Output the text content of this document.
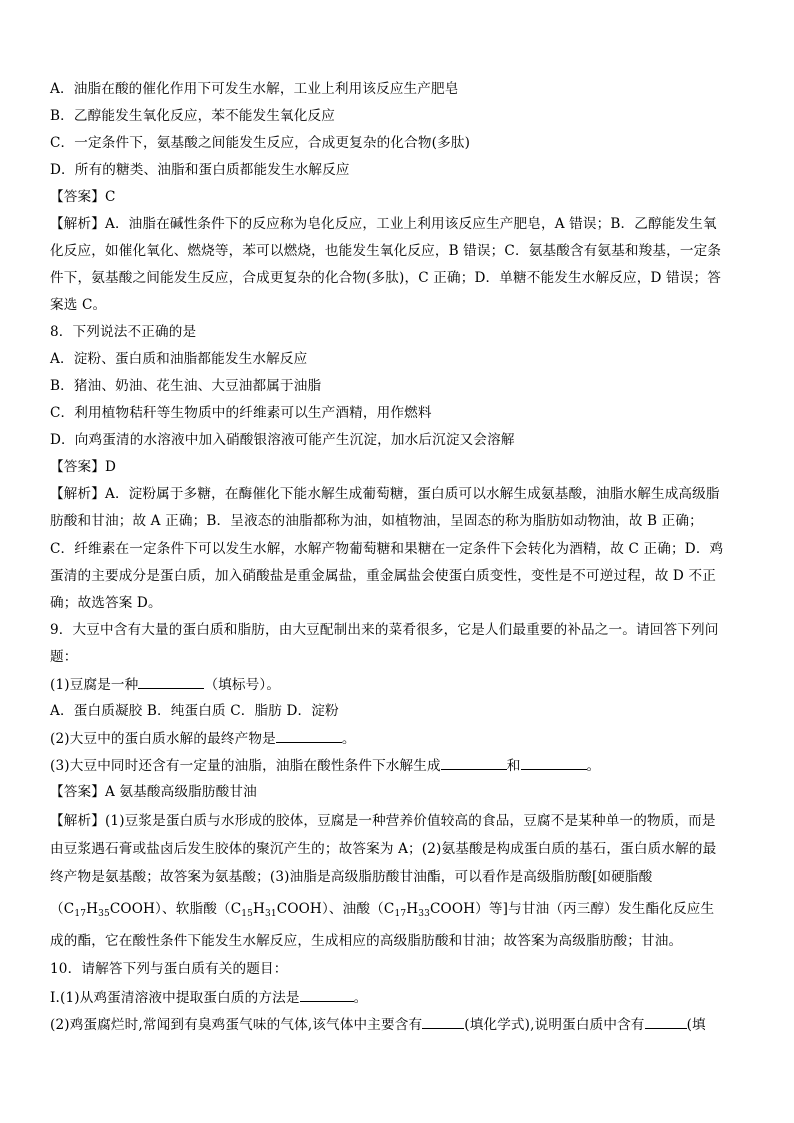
A．油脂在酸的催化作用下可发生水解，工业上利用该反应生产肥皂
B．乙醇能发生氧化反应，苯不能发生氧化反应
C．一定条件下，氨基酸之间能发生反应，合成更复杂的化合物(多肽)
D．所有的糖类、油脂和蛋白质都能发生水解反应
【答案】C
【解析】A．油脂在碱性条件下的反应称为皂化反应，工业上利用该反应生产肥皂，A 错误；B．乙醇能发生氧
化反应，如催化氧化、燃烧等，苯可以燃烧，也能发生氧化反应，B 错误；C．氨基酸含有氨基和羧基，一定条
件下，氨基酸之间能发生反应，合成更复杂的化合物(多肽)，C 正确；D．单糖不能发生水解反应，D 错误；答
案选 C。
8．下列说法不正确的是
A．淀粉、蛋白质和油脂都能发生水解反应
B．猪油、奶油、花生油、大豆油都属于油脂
C．利用植物秸秆等生物质中的纤维素可以生产酒精，用作燃料
D．向鸡蛋清的水溶液中加入硝酸银溶液可能产生沉淀，加水后沉淀又会溶解
【答案】D
【解析】A．淀粉属于多糖，在酶催化下能水解生成葡萄糖，蛋白质可以水解生成氨基酸，油脂水解生成高级脂
肪酸和甘油；故 A 正确；B．呈液态的油脂都称为油，如植物油，呈固态的称为脂肪如动物油，故 B 正确；
C．纤维素在一定条件下可以发生水解，水解产物葡萄糖和果糖在一定条件下会转化为酒精，故 C 正确；D．鸡
蛋清的主要成分是蛋白质，加入硝酸盐是重金属盐，重金属盐会使蛋白质变性，变性是不可逆过程，故 D 不正
确；故选答案 D。
9．大豆中含有大量的蛋白质和脂肪，由大豆配制出来的菜肴很多，它是人们最重要的补品之一。请回答下列问
题：
(1)豆腐是一种	（填标号）。
A．蛋白质凝胶 B．纯蛋白质 C．脂肪 D．淀粉
(2)大豆中的蛋白质水解的最终产物是	。
(3)大豆中同时还含有一定量的油脂，油脂在酸性条件下水解生成	和	。
【答案】A 氨基酸高级脂肪酸甘油
【解析】(1)豆浆是蛋白质与水形成的胶体，豆腐是一种营养价值较高的食品，豆腐不是某种单一的物质，而是
由豆浆遇石膏或盐卤后发生胶体的聚沉产生的；故答案为 A；(2)氨基酸是构成蛋白质的基石，蛋白质水解的最
终产物是氨基酸；故答案为氨基酸；(3)油脂是高级脂肪酸甘油酯，可以看作是高级脂肪酸[如硬脂酸
$(C_{17}H_{35}COOH)$、软脂酸$(C_{15}H_{31}COOH)$、油酸$(C_{17}H_{33}COOH)$等]与甘油（丙三醇）发生酯化反应生
成的酯，它在酸性条件下能发生水解反应，生成相应的高级脂肪酸和甘油；故答案为高级脂肪酸；甘油。
10．请解答下列与蛋白质有关的题目：
I.(1)从鸡蛋清溶液中提取蛋白质的方法是	。
(2)鸡蛋腐烂时,常闻到有臭鸡蛋气味的气体,该气体中主要含有	(填化学式),说明蛋白质中含有	(填
